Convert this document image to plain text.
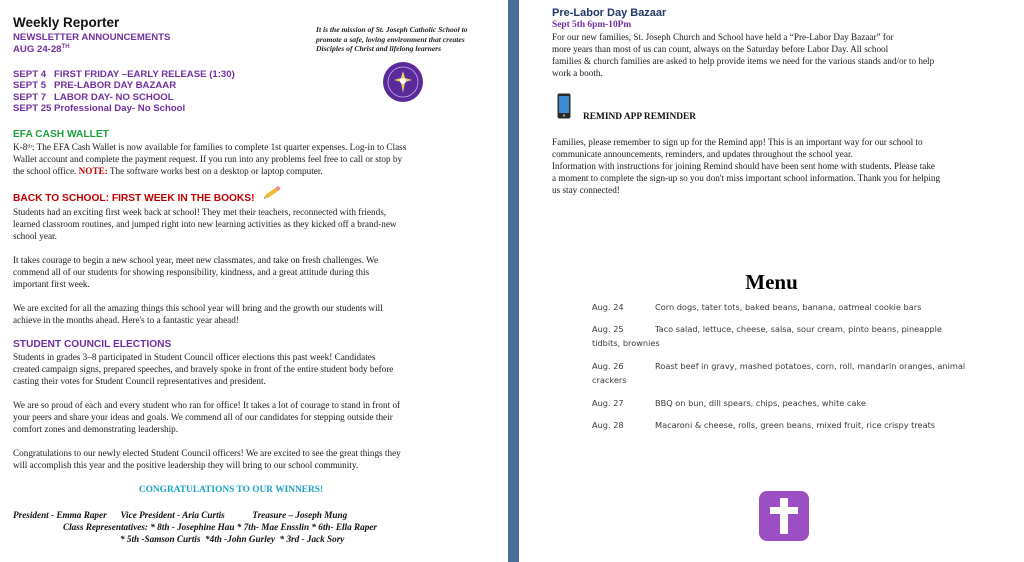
Weekly Reporter
NEWSLETTER ANNOUNCEMENTS
AUG 24-28TH
It is the mission of St. Joseph Catholic School to
promote a safe, loving environment that creates
Disciples of Christ and lifelong learners
SEPT 4   FIRST FRIDAY –EARLY RELEASE (1:30)
SEPT 5   PRE-LABOR DAY BAZAAR
SEPT 7   LABOR DAY- NO SCHOOL
SEPT 25 Professional Day- No School
EFA CASH WALLET
K-8ᵗʰ: The EFA Cash Wallet is now available for families to complete 1st quarter expenses. Log-in to Class
Wallet account and complete the payment request. If you run into any problems feel free to call or stop by
the school office. NOTE: The software works best on a desktop or laptop computer.
BACK TO SCHOOL: FIRST WEEK IN THE BOOKS!
Students had an exciting first week back at school! They met their teachers, reconnected with friends,
learned classroom routines, and jumped right into new learning activities as they kicked off a brand-new
school year.
It takes courage to begin a new school year, meet new classmates, and take on fresh challenges. We
commend all of our students for showing responsibility, kindness, and a great attitude during this
important first week.
We are excited for all the amazing things this school year will bring and the growth our students will
achieve in the months ahead. Here's to a fantastic year ahead!
STUDENT COUNCIL ELECTIONS
Students in grades 3–8 participated in Student Council officer elections this past week! Candidates
created campaign signs, prepared speeches, and bravely spoke in front of the entire student body before
casting their votes for Student Council representatives and president.
We are so proud of each and every student who ran for office! It takes a lot of courage to stand in front of
your peers and share your ideas and goals. We commend all of our candidates for stepping outside their
comfort zones and demonstrating leadership.
Congratulations to our newly elected Student Council officers! We are excited to see the great things they
will accomplish this year and the positive leadership they will bring to our school community.
CONGRATULATIONS TO OUR WINNERS!
President - Emma Raper      Vice President - Aria Curtis            Treasure – Joseph Mung
Class Representatives: * 8th - Josephine Hau * 7th- Mae Ensslin * 6th- Ella Raper
* 5th -Samson Curtis  *4th -John Gurley  * 3rd - Jack Sory
Pre-Labor Day Bazaar
Sept 5th 6pm-10Pm
For our new families, St. Joseph Church and School have held a “Pre-Labor Day Bazaar” for
more years than most of us can count, always on the Saturday before Labor Day. All school
families & church families are asked to help provide items we need for the various stands and/or to help
work a booth.
REMIND APP REMINDER
Families, please remember to sign up for the Remind app! This is an important way for our school to
communicate announcements, reminders, and updates throughout the school year.
Information with instructions for joining Remind should have been sent home with students. Please take
a moment to complete the sign-up so you don't miss important school information. Thank you for helping
us stay connected!
Menu
Aug. 24	Corn dogs, tater tots, baked beans, banana, oatmeal cookie bars
Aug. 25	Taco salad, lettuce, cheese, salsa, sour cream, pinto beans, pineapple
tidbits, brownies
Aug. 26	Roast beef in gravy, mashed potatoes, corn, roll, mandarin oranges, animal
crackers
Aug. 27	BBQ on bun, dill spears, chips, peaches, white cake
Aug. 28	Macaroni & cheese, rolls, green beans, mixed fruit, rice crispy treats
